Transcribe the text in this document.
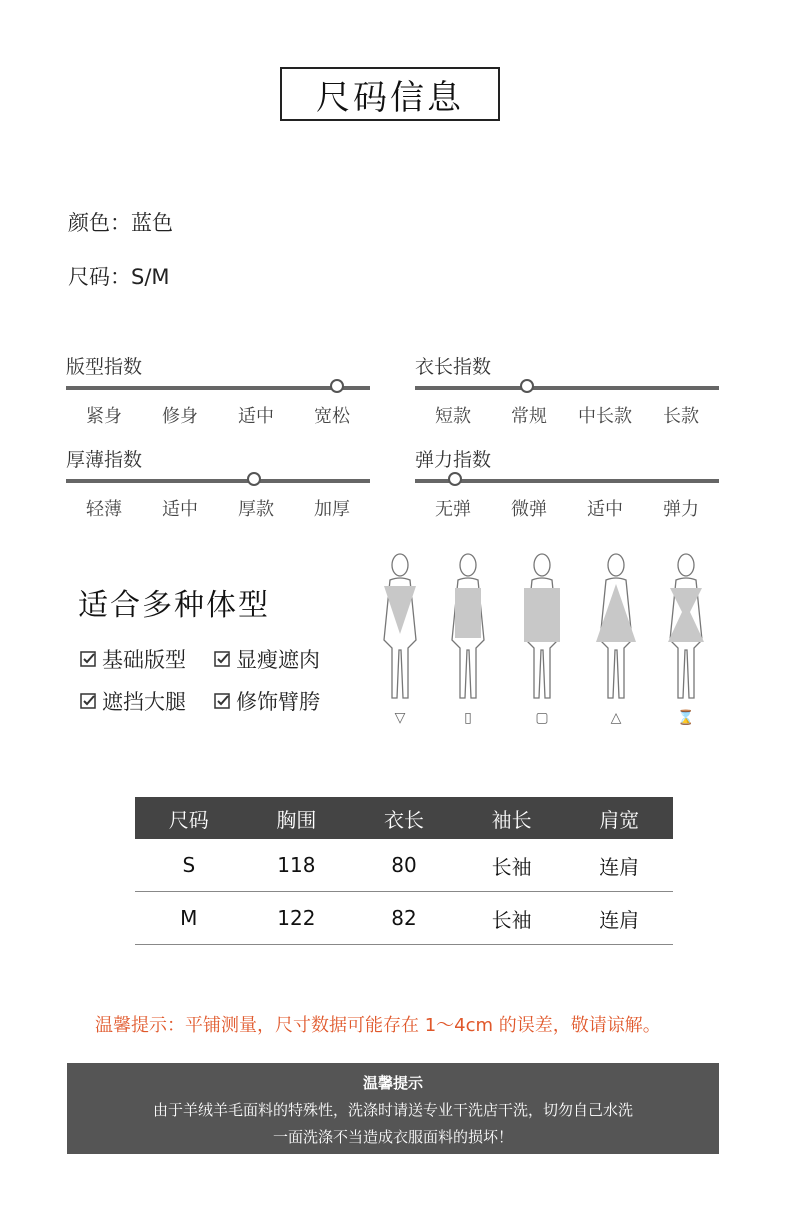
尺码信息
颜色：蓝色
尺码：S/M
版型指数
紧身	修身	适中	宽松
衣长指数
短款	常规	中长款	长款
厚薄指数
轻薄	适中	厚款	加厚
弹力指数
无弹	微弹	适中	弹力
适合多种体型
基础版型 显瘦遮肉
遮挡大腿 修饰臂胯
▽	▯	▢	△	⌛
尺码	胸围	衣长	袖长	肩宽
S	118	80	长袖	连肩
M	122	82	长袖	连肩
温馨提示：平铺测量，尺寸数据可能存在 1～4cm 的误差，敬请谅解。
温馨提示
由于羊绒羊毛面料的特殊性，洗涤时请送专业干洗店干洗，切勿自己水洗
一面洗涤不当造成衣服面料的损坏！
